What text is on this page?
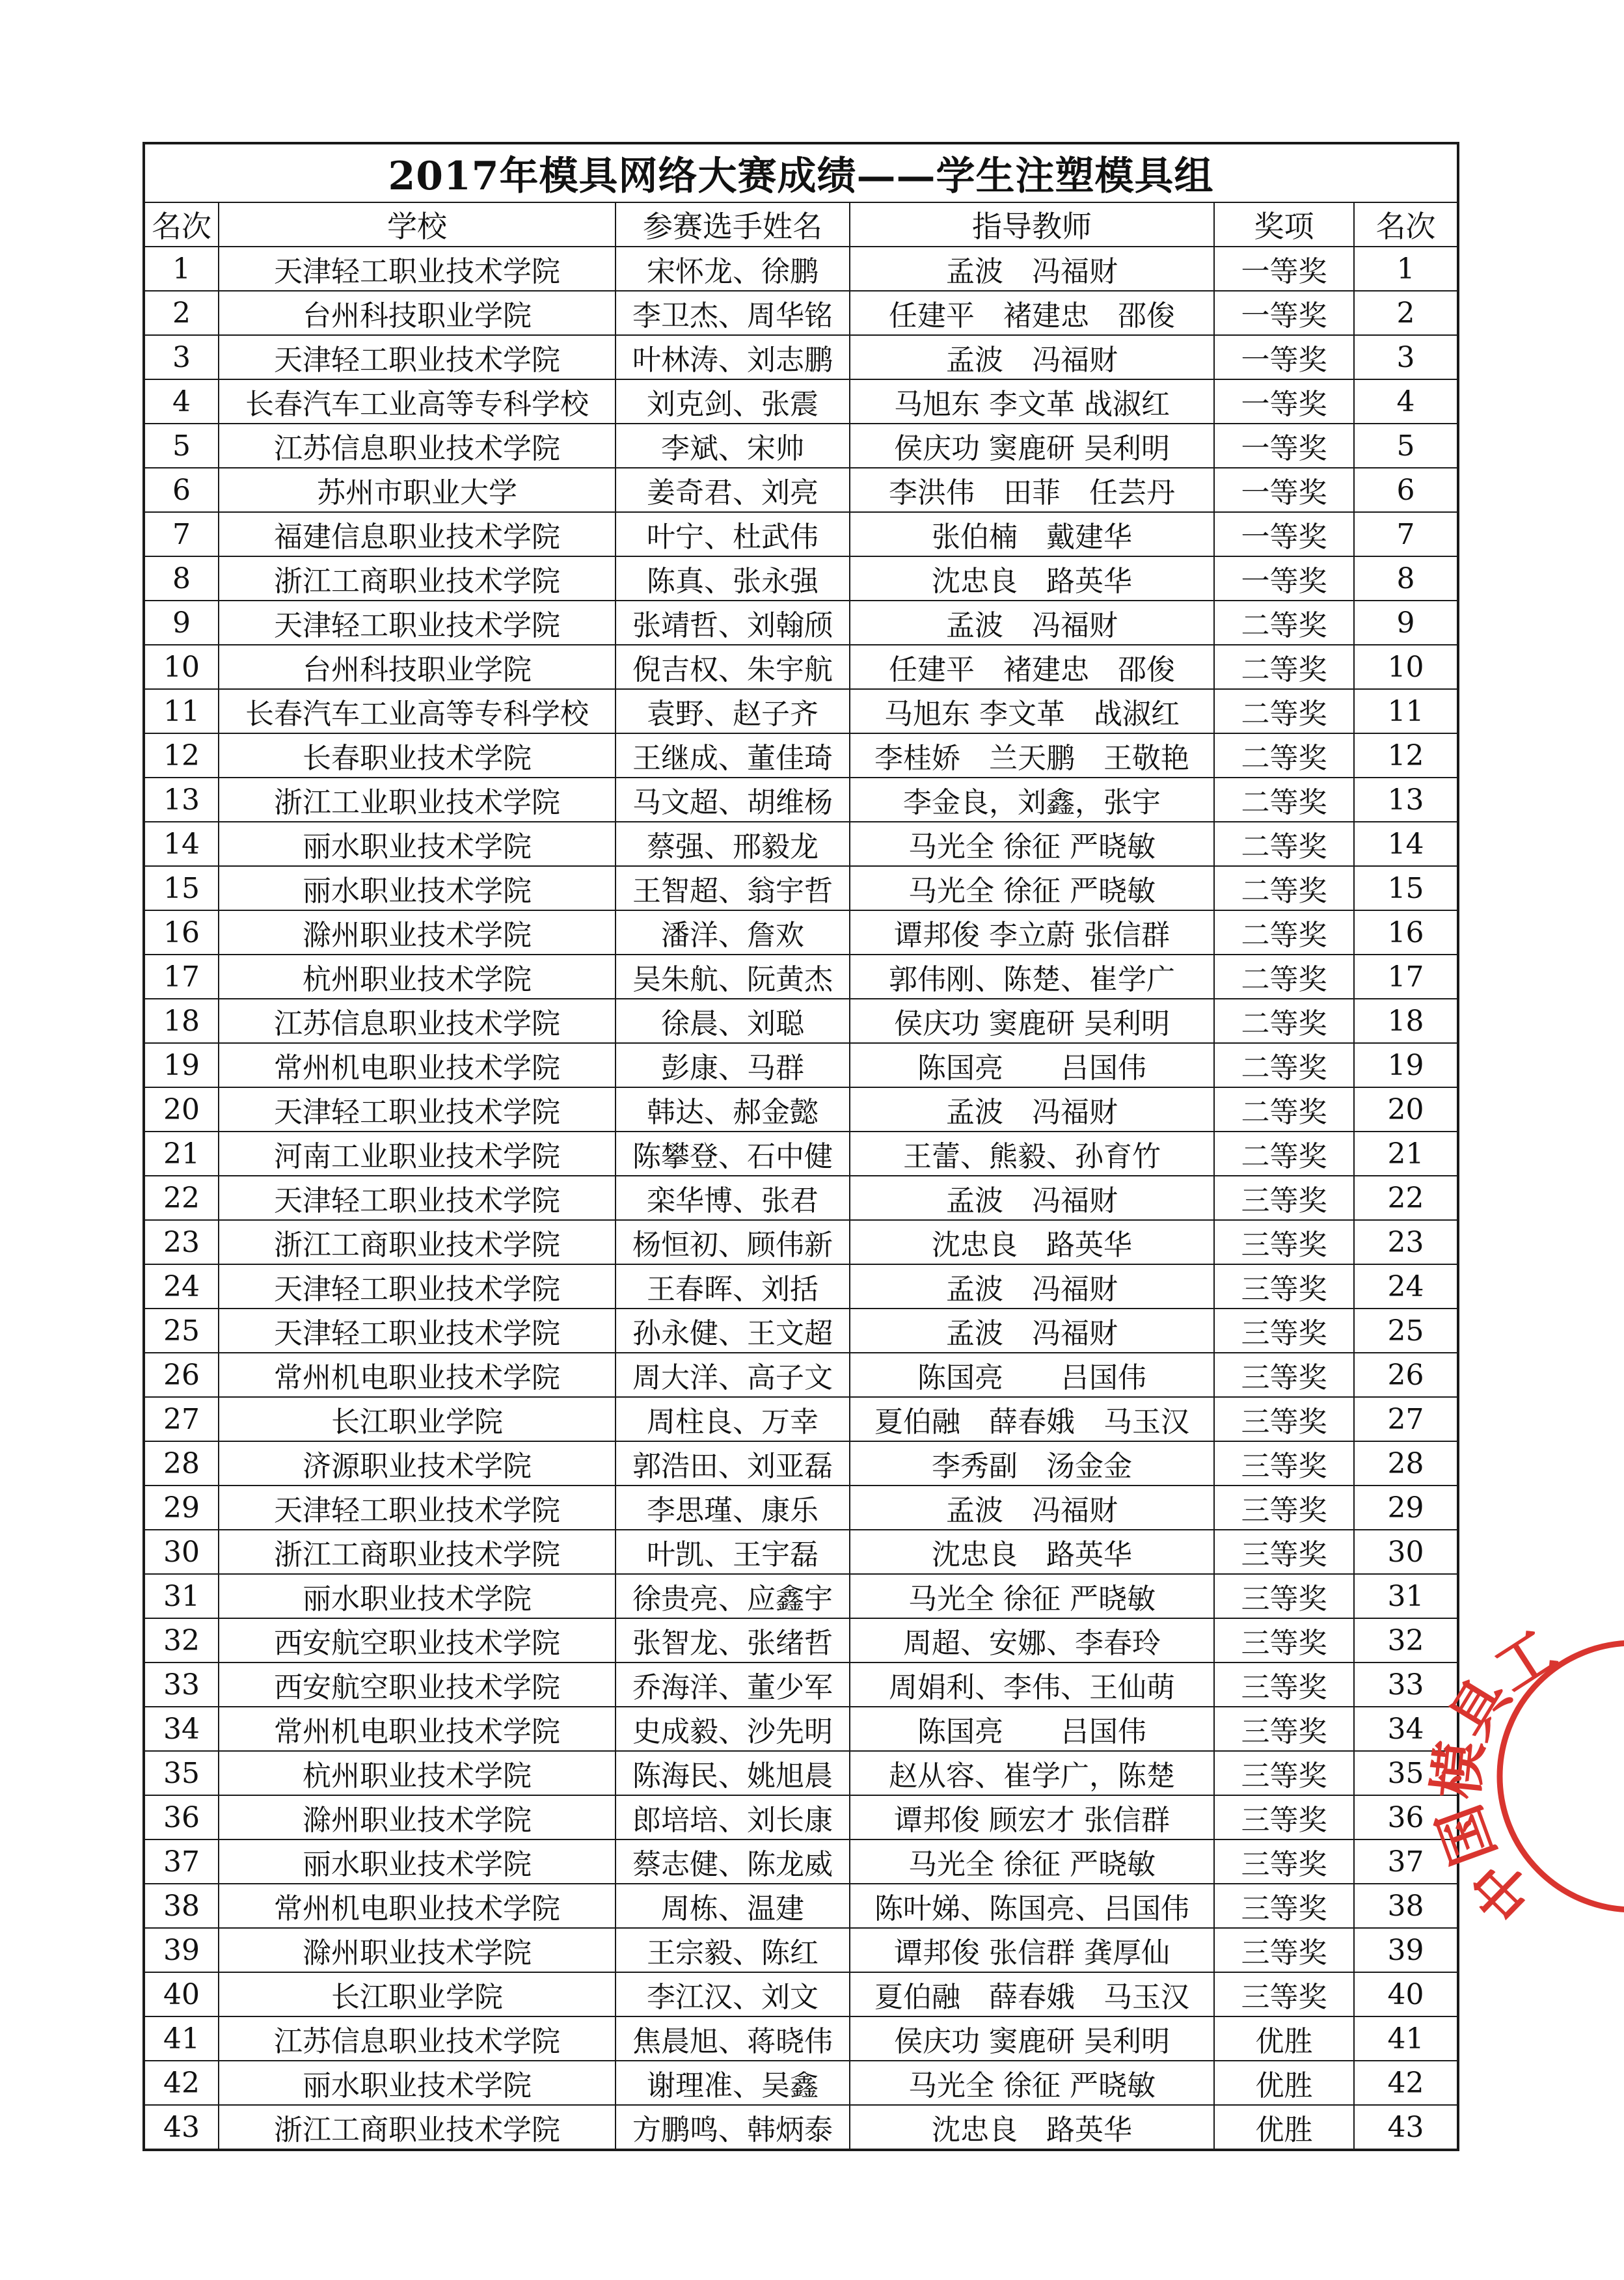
2017年模具网络大赛成绩——学生注塑模具组					
名次	学校	参赛选手姓名	指导教师	奖项	名次
1	天津轻工职业技术学院	宋怀龙、徐鹏	孟波　冯福财	一等奖	1
2	台州科技职业学院	李卫杰、周华铭	任建平　褚建忠　邵俊	一等奖	2
3	天津轻工职业技术学院	叶林涛、刘志鹏	孟波　冯福财	一等奖	3
4	长春汽车工业高等专科学校	刘克剑、张震	马旭东 李文革 战淑红	一等奖	4
5	江苏信息职业技术学院	李斌、宋帅	侯庆功 窦鹿研 吴利明	一等奖	5
6	苏州市职业大学	姜奇君、刘亮	李洪伟　田菲　任芸丹	一等奖	6
7	福建信息职业技术学院	叶宁、杜武伟	张伯楠　戴建华	一等奖	7
8	浙江工商职业技术学院	陈真、张永强	沈忠良　路英华	一等奖	8
9	天津轻工职业技术学院	张靖哲、刘翰颀	孟波　冯福财	二等奖	9
10	台州科技职业学院	倪吉权、朱宇航	任建平　褚建忠　邵俊	二等奖	10
11	长春汽车工业高等专科学校	袁野、赵子齐	马旭东 李文革　战淑红	二等奖	11
12	长春职业技术学院	王继成、董佳琦	李桂娇　兰天鹏　王敬艳	二等奖	12
13	浙江工业职业技术学院	马文超、胡维杨	李金良，刘鑫，张宇	二等奖	13
14	丽水职业技术学院	蔡强、邢毅龙	马光全 徐征 严晓敏	二等奖	14
15	丽水职业技术学院	王智超、翁宇哲	马光全 徐征 严晓敏	二等奖	15
16	滁州职业技术学院	潘洋、詹欢	谭邦俊 李立蔚 张信群	二等奖	16
17	杭州职业技术学院	吴朱航、阮黄杰	郭伟刚、陈楚、崔学广	二等奖	17
18	江苏信息职业技术学院	徐晨、刘聪	侯庆功 窦鹿研 吴利明	二等奖	18
19	常州机电职业技术学院	彭康、马群	陈国亮　　吕国伟	二等奖	19
20	天津轻工职业技术学院	韩达、郝金懿	孟波　冯福财	二等奖	20
21	河南工业职业技术学院	陈攀登、石中健	王蕾、熊毅、孙育竹	二等奖	21
22	天津轻工职业技术学院	栾华博、张君	孟波　冯福财	三等奖	22
23	浙江工商职业技术学院	杨恒初、顾伟新	沈忠良　路英华	三等奖	23
24	天津轻工职业技术学院	王春晖、刘括	孟波　冯福财	三等奖	24
25	天津轻工职业技术学院	孙永健、王文超	孟波　冯福财	三等奖	25
26	常州机电职业技术学院	周大洋、高子文	陈国亮　　吕国伟	三等奖	26
27	长江职业学院	周柱良、万幸	夏伯融　薛春娥　马玉汉	三等奖	27
28	济源职业技术学院	郭浩田、刘亚磊	李秀副　汤金金	三等奖	28
29	天津轻工职业技术学院	李思瑾、康乐	孟波　冯福财	三等奖	29
30	浙江工商职业技术学院	叶凯、王宇磊	沈忠良　路英华	三等奖	30
31	丽水职业技术学院	徐贵亮、应鑫宇	马光全 徐征 严晓敏	三等奖	31
32	西安航空职业技术学院	张智龙、张绪哲	周超、安娜、李春玲	三等奖	32
33	西安航空职业技术学院	乔海洋、董少军	周娟利、李伟、王仙萌	三等奖	33
34	常州机电职业技术学院	史成毅、沙先明	陈国亮　　吕国伟	三等奖	34
35	杭州职业技术学院	陈海民、姚旭晨	赵从容、崔学广，陈楚	三等奖	35
36	滁州职业技术学院	郎培培、刘长康	谭邦俊 顾宏才 张信群	三等奖	36
37	丽水职业技术学院	蔡志健、陈龙威	马光全 徐征 严晓敏	三等奖	37
38	常州机电职业技术学院	周栋、温建	陈叶娣、陈国亮、吕国伟	三等奖	38
39	滁州职业技术学院	王宗毅、陈红	谭邦俊 张信群 龚厚仙	三等奖	39
40	长江职业学院	李江汉、刘文	夏伯融　薛春娥　马玉汉	三等奖	40
41	江苏信息职业技术学院	焦晨旭、蒋晓伟	侯庆功 窦鹿研 吴利明	优胜	41
42	丽水职业技术学院	谢理准、吴鑫	马光全 徐征 严晓敏	优胜	42
43	浙江工商职业技术学院	方鹏鸣、韩炳泰	沈忠良　路英华	优胜	43
中国模具工
